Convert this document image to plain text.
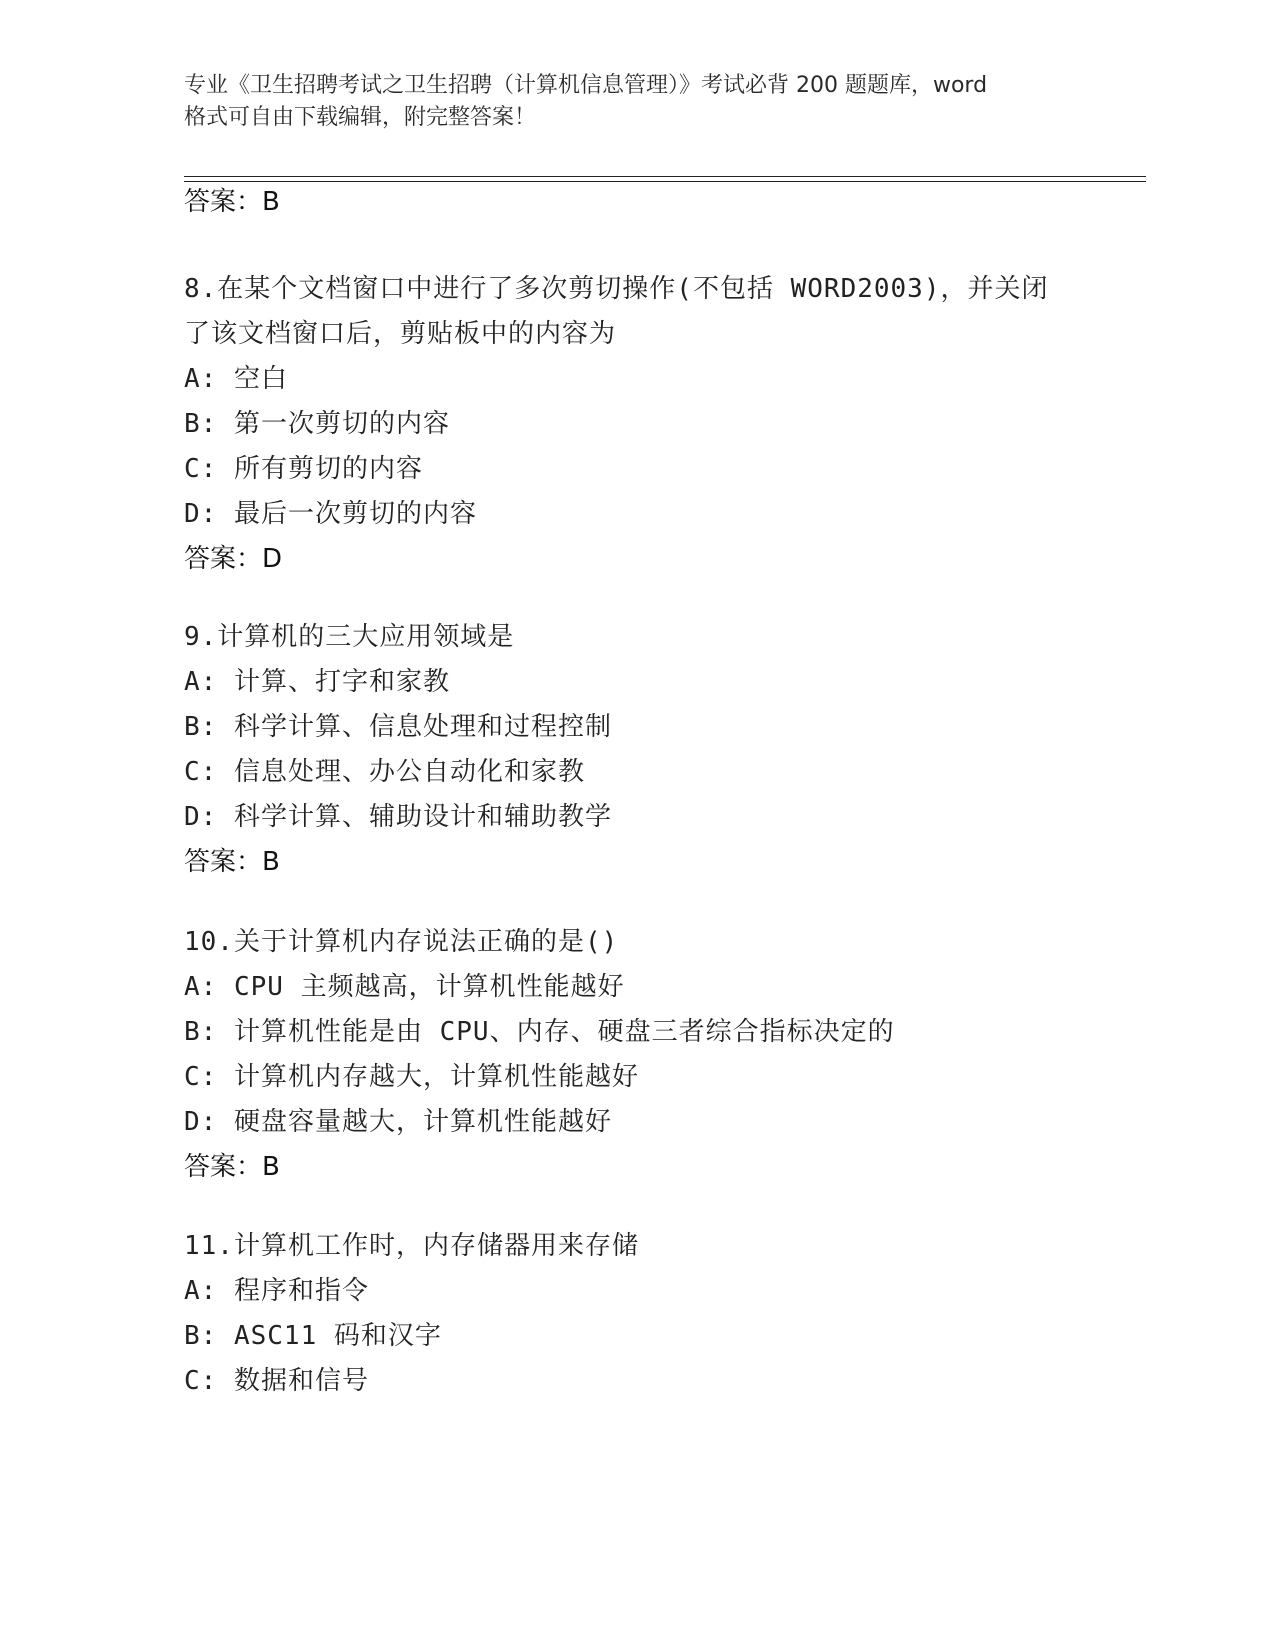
专业《卫生招聘考试之卫生招聘（计算机信息管理）》考试必背 200 题题库，word
格式可自由下载编辑，附完整答案！
答案：B
8.在某个文档窗口中进行了多次剪切操作(不包括 WORD2003)，并关闭
了该文档窗口后，剪贴板中的内容为
A: 空白
B: 第一次剪切的内容
C: 所有剪切的内容
D: 最后一次剪切的内容
答案：D
9.计算机的三大应用领域是
A: 计算、打字和家教
B: 科学计算、信息处理和过程控制
C: 信息处理、办公自动化和家教
D: 科学计算、辅助设计和辅助教学
答案：B
10.关于计算机内存说法正确的是()
A: CPU 主频越高，计算机性能越好
B: 计算机性能是由 CPU、内存、硬盘三者综合指标决定的
C: 计算机内存越大，计算机性能越好
D: 硬盘容量越大，计算机性能越好
答案：B
11.计算机工作时，内存储器用来存储
A: 程序和指令
B: ASC11 码和汉字
C: 数据和信号
